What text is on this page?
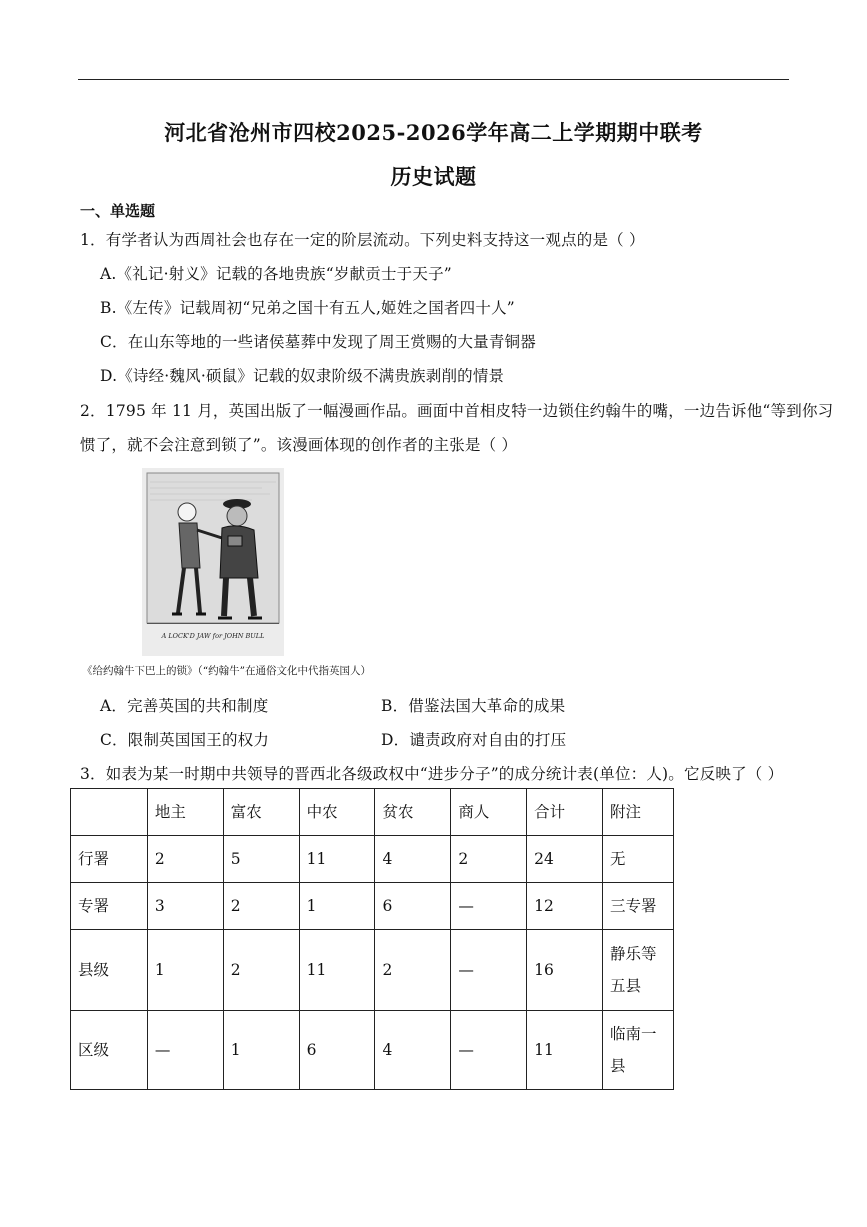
河北省沧州市四校2025-2026学年高二上学期期中联考
历史试题
一、单选题
1．有学者认为西周社会也存在一定的阶层流动。下列史料支持这一观点的是（ ）
A.《礼记·射义》记载的各地贵族“岁献贡士于天子”
B.《左传》记载周初“兄弟之国十有五人,姬姓之国者四十人”
C．在山东等地的一些诸侯墓葬中发现了周王赏赐的大量青铜器
D.《诗经·魏风·硕鼠》记载的奴隶阶级不满贵族剥削的情景
2．1795 年 11 月，英国出版了一幅漫画作品。画面中首相皮特一边锁住约翰牛的嘴，一边告诉他“等到你习
惯了，就不会注意到锁了”。该漫画体现的创作者的主张是（ ）
A LOCK'D JAW for JOHN BULL
《给约翰牛下巴上的锁》（“约翰牛”在通俗文化中代指英国人）
A．完善英国的共和制度	B．借鉴法国大革命的成果
C．限制英国国王的权力	D．谴责政府对自由的打压
3．如表为某一时期中共领导的晋西北各级政权中“进步分子”的成分统计表(单位：人)。它反映了（ ）
	地主	富农	中农	贫农	商人	合计	附注
行署	2	5	11	4	2	24	无
专署	3	2	1	6	—	12	三专署
县级	1	2	11	2	—	16	静乐等五县
区级	—	1	6	4	—	11	临南一县
